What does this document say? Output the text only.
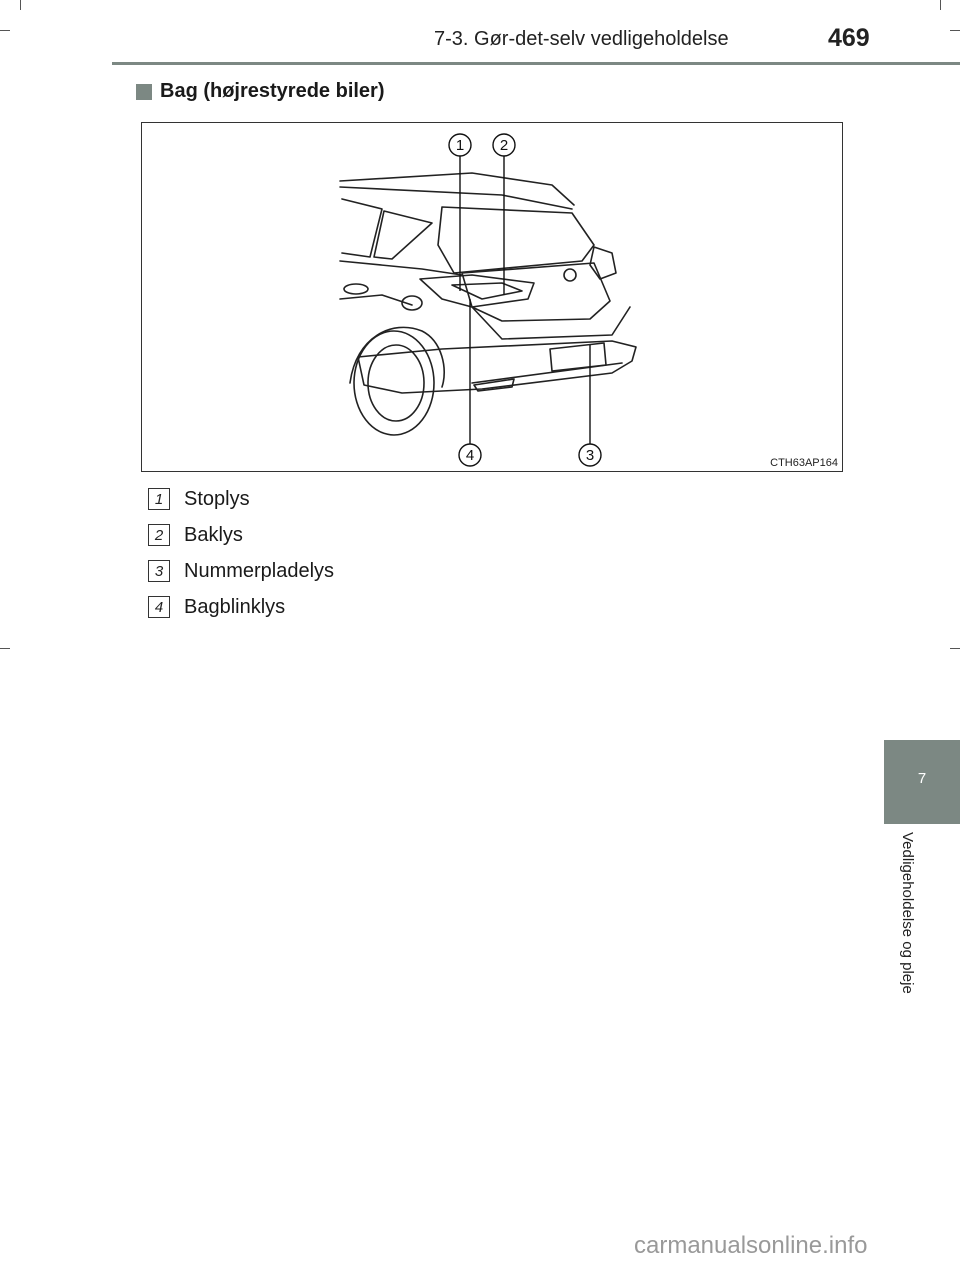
7-3. Gør-det-selv vedligeholdelse	469
Bag (højrestyrede biler)
1 2
4	3	CTH63AP164
1	Stoplys
2	Baklys
3	Nummerpladelys
4	Bagblinklys
7
Vedligeholdelse og pleje
carmanualsonline.info
